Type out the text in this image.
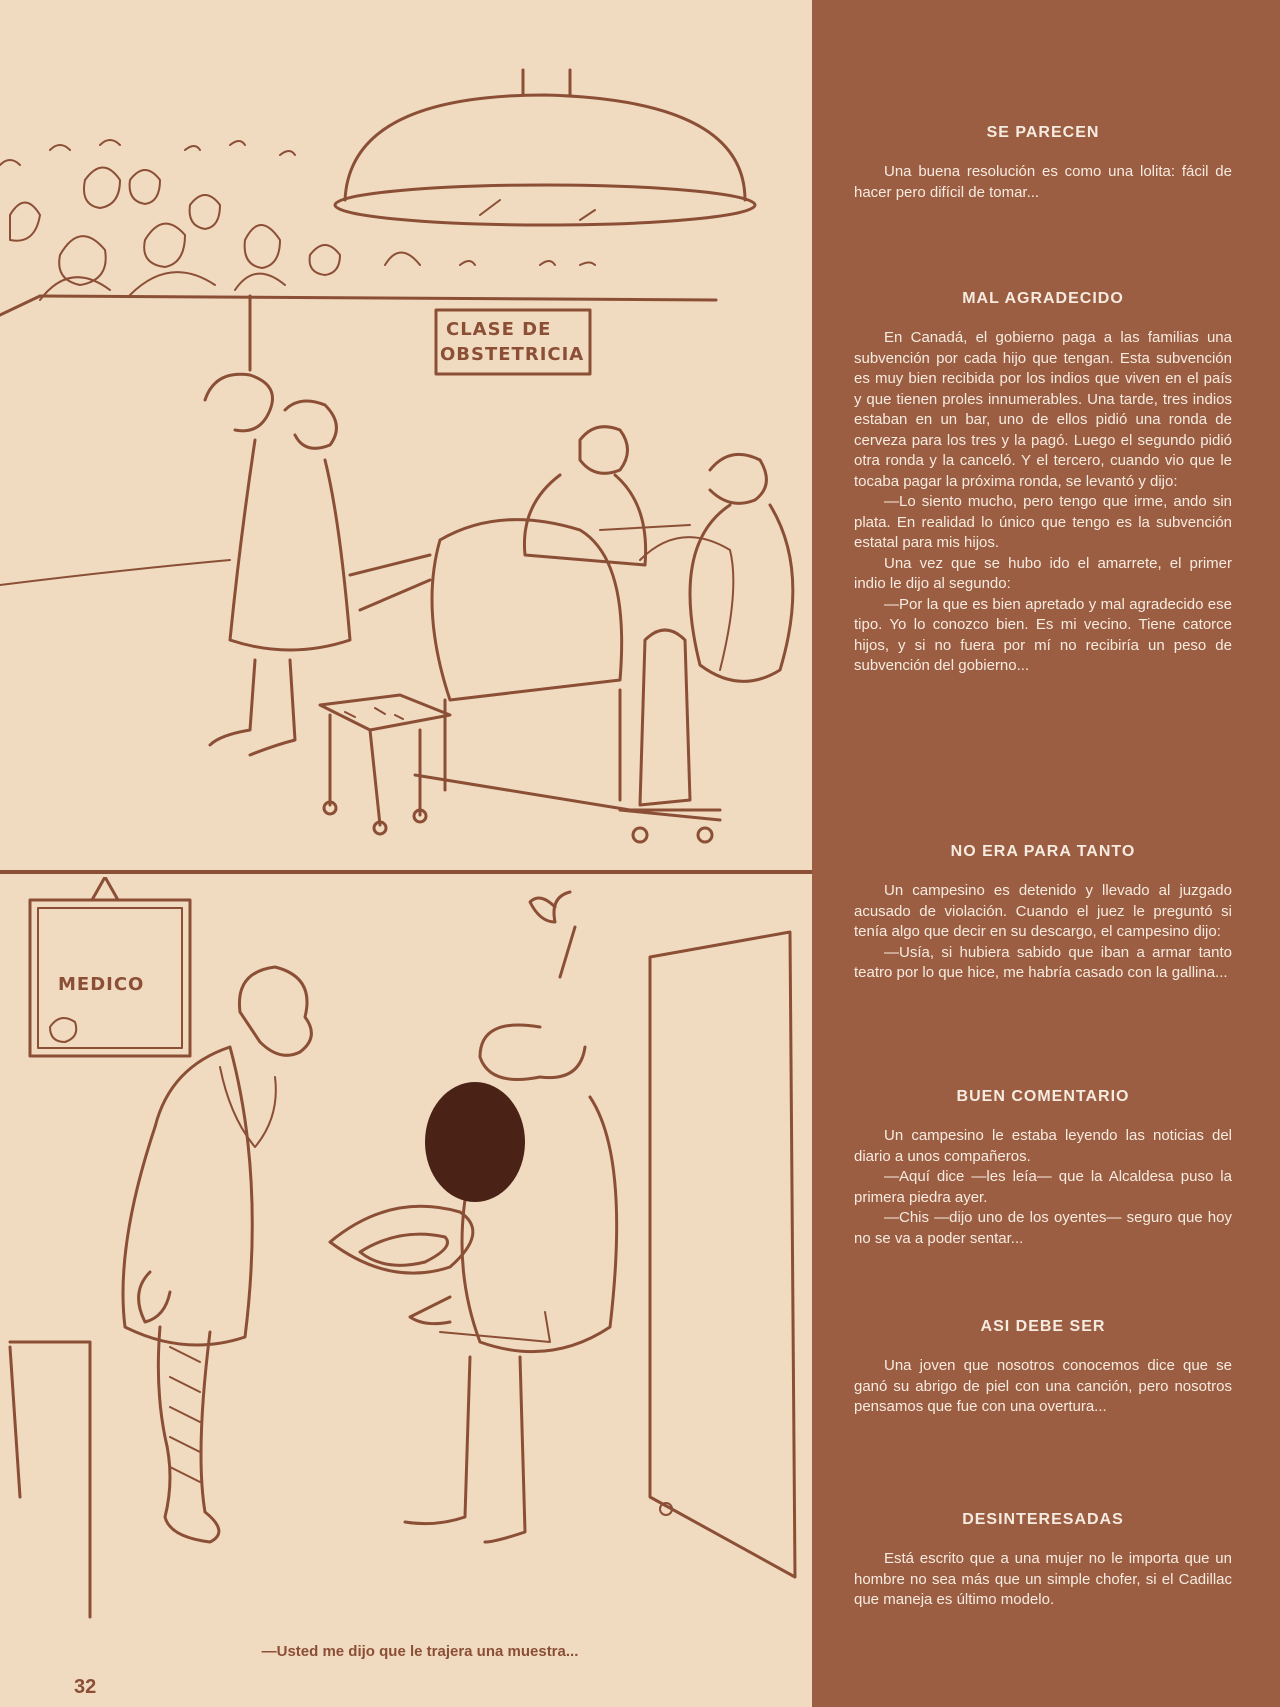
CLASE DE
OBSTETRICIA
MEDICO
—Usted me dijo que le trajera una muestra...
32
SE PARECEN

Una buena resolución es como una lolita: fácil de hacer pero difícil de tomar...

MAL AGRADECIDO

En Canadá, el gobierno paga a las familias una subvención por cada hijo que tengan. Esta subvención es muy bien recibida por los indios que viven en el país y que tienen proles innumerables. Una tarde, tres indios estaban en un bar, uno de ellos pidió una ronda de cerveza para los tres y la pagó. Luego el segundo pidió otra ronda y la canceló. Y el tercero, cuando vio que le tocaba pagar la próxima ronda, se levantó y dijo:

—Lo siento mucho, pero tengo que irme, ando sin plata. En realidad lo único que tengo es la subvención estatal para mis hijos.

Una vez que se hubo ido el amarrete, el primer indio le dijo al segundo:

—Por la que es bien apretado y mal agradecido ese tipo. Yo lo conozco bien. Es mi vecino. Tiene catorce hijos, y si no fuera por mí no recibiría un peso de subvención del gobierno...

NO ERA PARA TANTO

Un campesino es detenido y llevado al juzgado acusado de violación. Cuando el juez le preguntó si tenía algo que decir en su descargo, el campesino dijo:

—Usía, si hubiera sabido que iban a armar tanto teatro por lo que hice, me habría casado con la gallina...

BUEN COMENTARIO

Un campesino le estaba leyendo las noticias del diario a unos compañeros.

—Aquí dice —les leía— que la Alcaldesa puso la primera piedra ayer.

—Chis —dijo uno de los oyentes— seguro que hoy no se va a poder sentar...

ASI DEBE SER

Una joven que nosotros conocemos dice que se ganó su abrigo de piel con una canción, pero nosotros pensamos que fue con una overtura...

DESINTERESADAS

Está escrito que a una mujer no le importa que un hombre no sea más que un simple chofer, si el Cadillac que maneja es último modelo.
